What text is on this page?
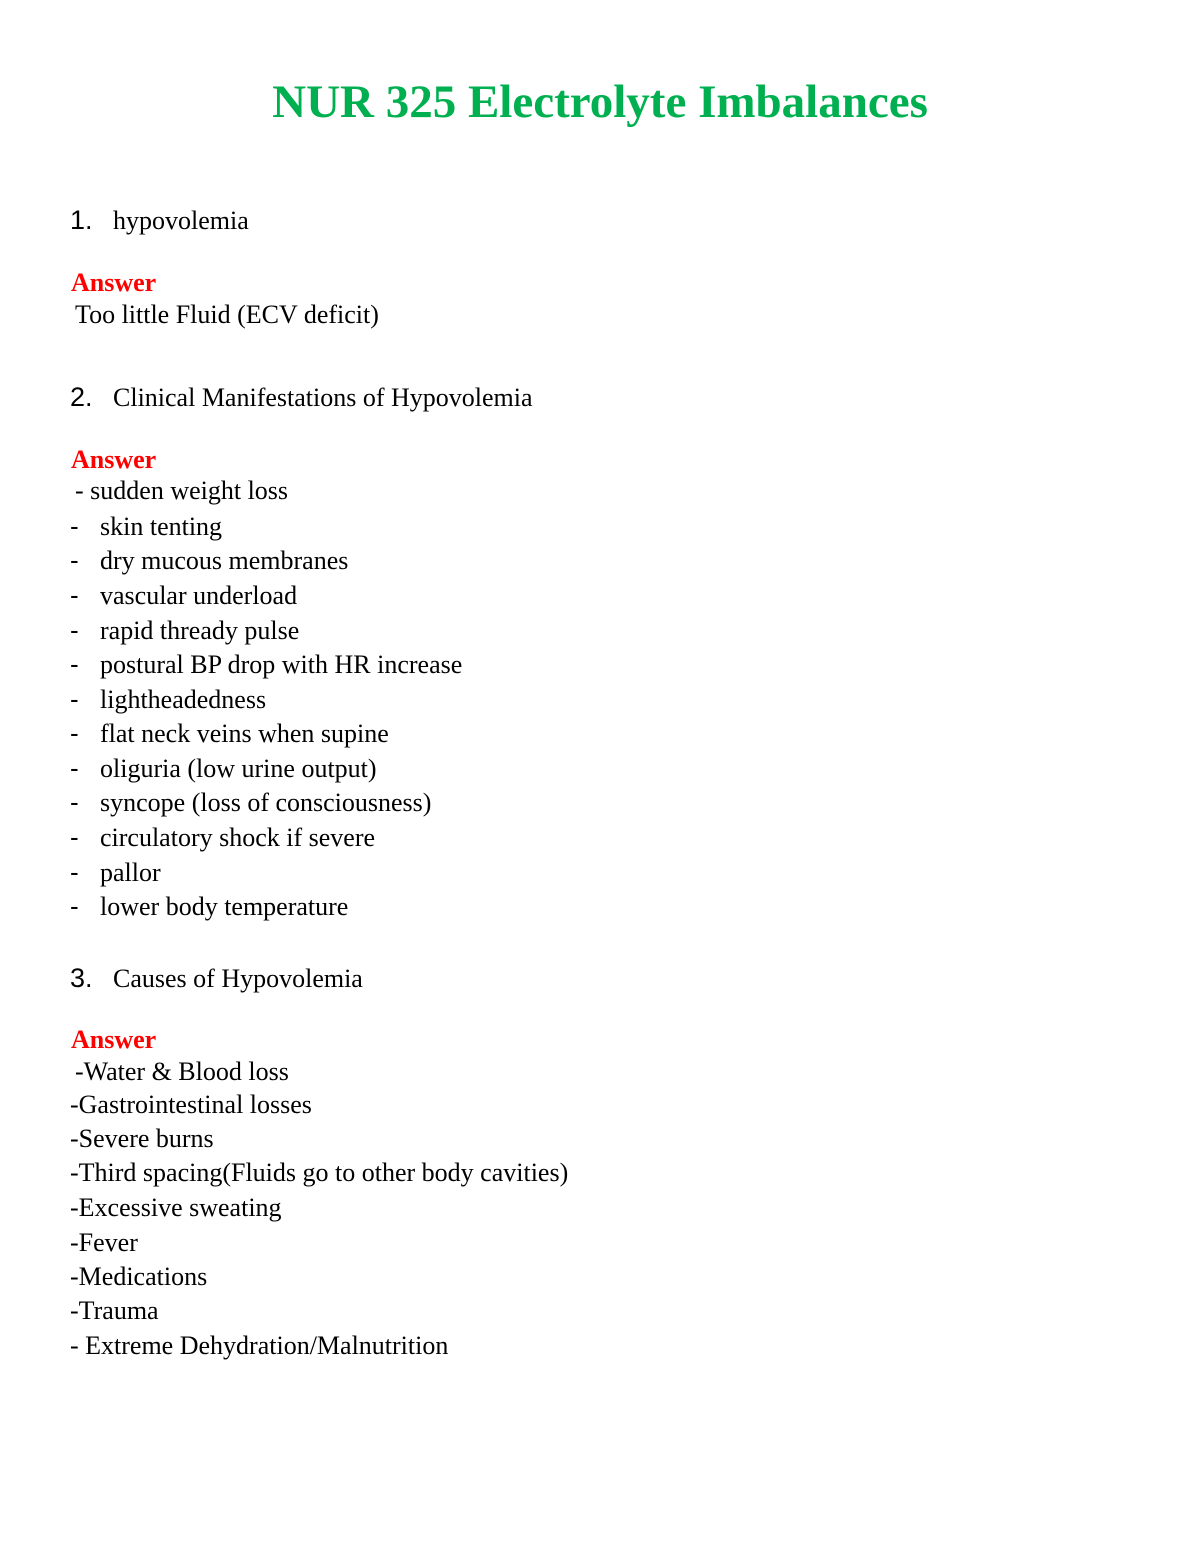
NUR 325 Electrolyte Imbalances
1. hypovolemia
Answer
Too little Fluid (ECV deficit)
2. Clinical Manifestations of Hypovolemia
Answer
- sudden weight loss
- skin tenting
- dry mucous membranes
- vascular underload
- rapid thready pulse
- postural BP drop with HR increase
- lightheadedness
- flat neck veins when supine
- oliguria (low urine output)
- syncope (loss of consciousness)
- circulatory shock if severe
- pallor
- lower body temperature
3. Causes of Hypovolemia
Answer
-Water & Blood loss
-Gastrointestinal losses
-Severe burns
-Third spacing(Fluids go to other body cavities)
-Excessive sweating
-Fever
-Medications
-Trauma
- Extreme Dehydration/Malnutrition
